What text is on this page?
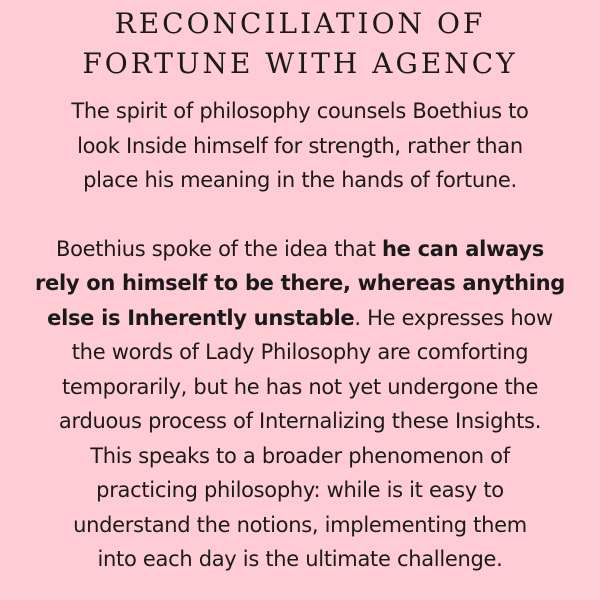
RECONCILIATION OF
FORTUNE WITH AGENCY

The spirit of philosophy counsels Boethius to
look Inside himself for strength, rather than
place his meaning in the hands of fortune.

Boethius spoke of the idea that he can always
rely on himself to be there, whereas anything
else is Inherently unstable. He expresses how
the words of Lady Philosophy are comforting
temporarily, but he has not yet undergone the
arduous process of Internalizing these Insights.
This speaks to a broader phenomenon of
practicing philosophy: while is it easy to
understand the notions, implementing them
into each day is the ultimate challenge.
